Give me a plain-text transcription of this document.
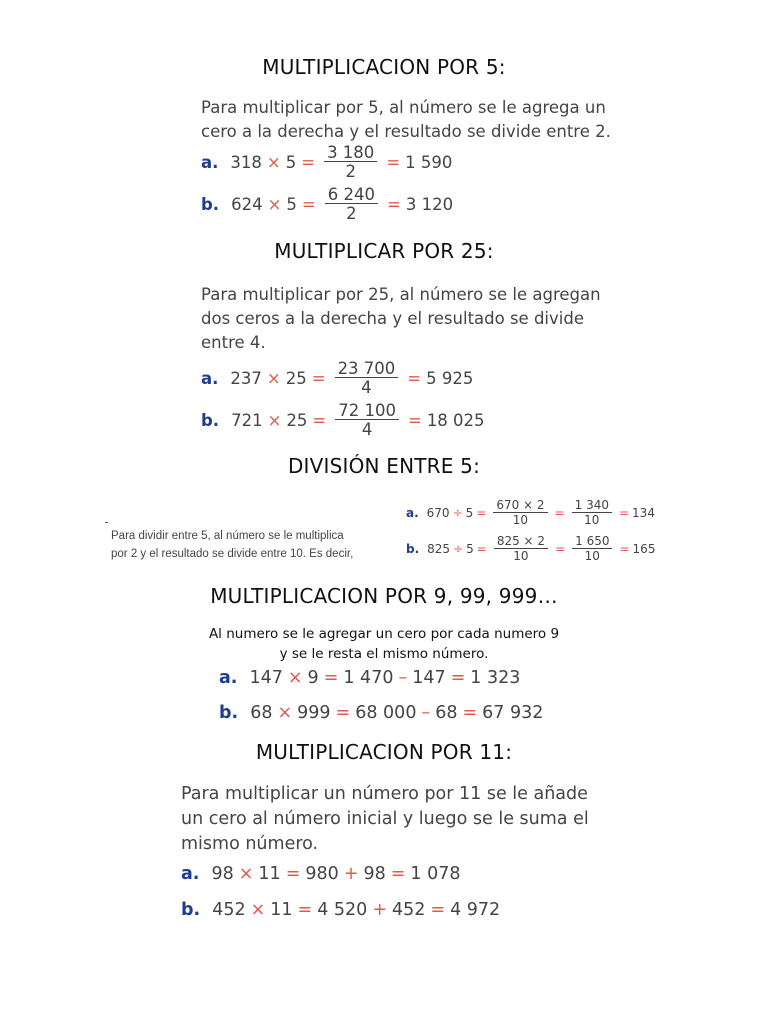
MULTIPLICACION POR 5:
Para multiplicar por 5, al número se le agrega un
cero a la derecha y el resultado se divide entre 2.
a. $318 \times 5 = \frac{3 180}{2} = 1$ 590
b. $624 \times 5 = \frac{6 240}{2} = 3$ 120
MULTIPLICAR POR 25:
Para multiplicar por 25, al número se le agregan
dos ceros a la derecha y el resultado se divide
entre 4.
a. $237 \times 25 = \frac{23 700}{4} = 5$ 925
b. $721 \times 25 = \frac{72 100}{4} = 18$ 025
DIVISIÓN ENTRE 5:
Para dividir entre 5, al número se le multiplica
por 2 y el resultado se divide entre 10. Es decir,
a. $670 \div 5 = \frac{670 \times 2}{10} = \frac{1 340}{10} = 134$
b. $825 \div 5 = \frac{825 \times 2}{10} = \frac{1 650}{10} = 165$
MULTIPLICACION POR 9, 99, 999…
Al numero se le agregar un cero por cada numero 9
y se le resta el mismo número.
a. 147 × 9 = 1 470 – 147 = 1 323
b. 68 × 999 = 68 000 – 68 = 67 932
MULTIPLICACION POR 11:
Para multiplicar un número por 11 se le añade
un cero al número inicial y luego se le suma el
mismo número.
a. 98 × 11 = 980 + 98 = 1 078
b. 452 × 11 = 4 520 + 452 = 4 972
